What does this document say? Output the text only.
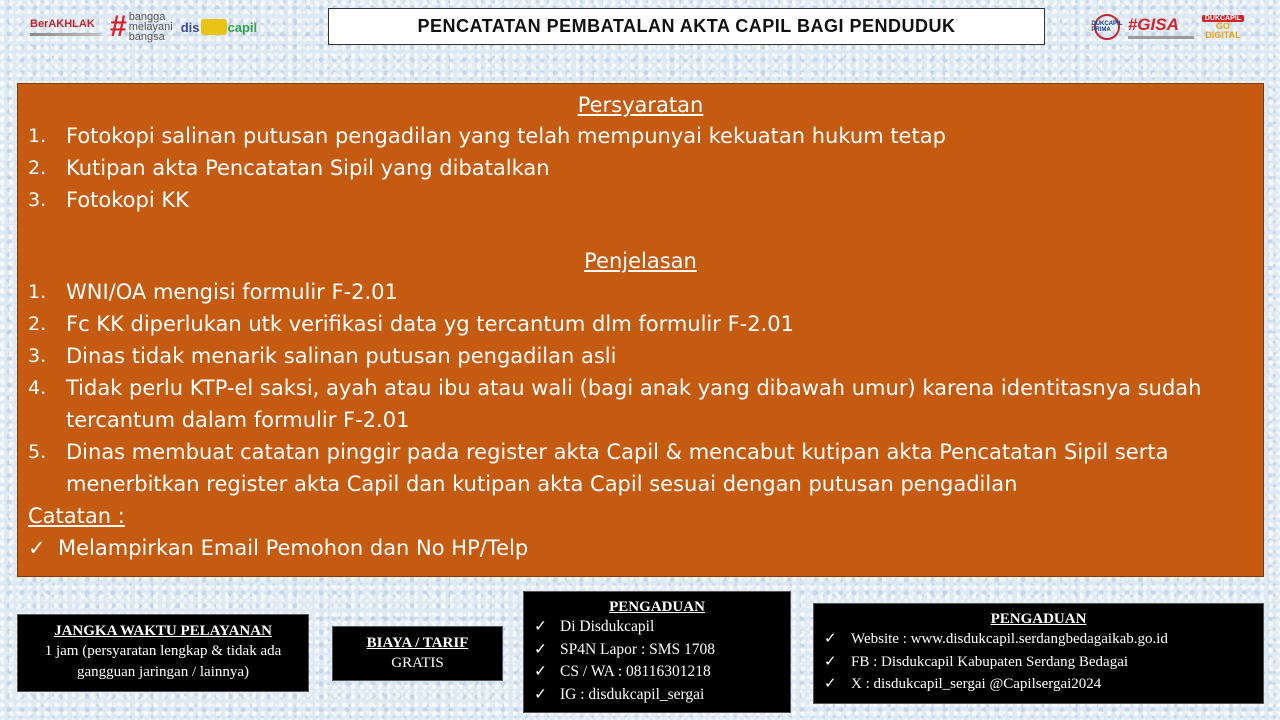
BerAKHLAK # bangga
melayani
bangsa
dis capil	PENCATATAN PEMBATALAN AKTA CAPIL BAGI PENDUDUK	DUKCAPIL PRIMA	#GISA	DUKCAPIL
GO
DIGITAL
Persyaratan
1. Fotokopi salinan putusan pengadilan yang telah mempunyai kekuatan hukum tetap
2. Kutipan akta Pencatatan Sipil yang dibatalkan
3. Fotokopi KK
Penjelasan
1. WNI/OA mengisi formulir F-2.01
2. Fc KK diperlukan utk verifikasi data yg tercantum dlm formulir F-2.01
3. Dinas tidak menarik salinan putusan pengadilan asli
4. Tidak perlu KTP-el saksi, ayah atau ibu atau wali (bagi anak yang dibawah umur) karena identitasnya sudah tercantum dalam formulir F-2.01
5. Dinas membuat catatan pinggir pada register akta Capil & mencabut kutipan akta Pencatatan Sipil serta menerbitkan register akta Capil dan kutipan akta Capil sesuai dengan putusan pengadilan
Catatan :
✓ Melampirkan Email Pemohon dan No HP/Telp
JANGKA WAKTU PELAYANAN
1 jam (persyaratan lengkap & tidak ada gangguan jaringan / lainnya)
BIAYA / TARIF
GRATIS
PENGADUAN
✓ Di Disdukcapil
✓ SP4N Lapor : SMS 1708
✓ CS / WA : 08116301218
✓ IG : disdukcapil_sergai
PENGADUAN
✓ Website : www.disdukcapil.serdangbedagaikab.go.id
✓ FB : Disdukcapil Kabupaten Serdang Bedagai
✓ X : disdukcapil_sergai @Capilsergai2024
